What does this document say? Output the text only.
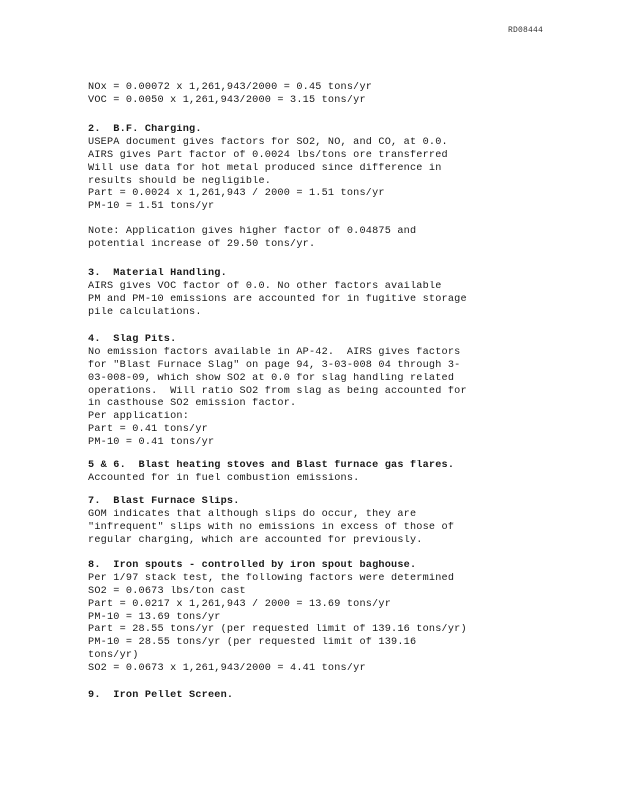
RD08444
NOx = 0.00072 x 1,261,943/2000 = 0.45 tons/yr
VOC = 0.0050 x 1,261,943/2000 = 3.15 tons/yr
2.  B.F. Charging.
USEPA document gives factors for SO2, NO, and CO, at 0.0.
AIRS gives Part factor of 0.0024 lbs/tons ore transferred
Will use data for hot metal produced since difference in
results should be negligible.
Part = 0.0024 x 1,261,943 / 2000 = 1.51 tons/yr
PM-10 = 1.51 tons/yr
Note: Application gives higher factor of 0.04875 and
potential increase of 29.50 tons/yr.
3.  Material Handling.
AIRS gives VOC factor of 0.0. No other factors available
PM and PM-10 emissions are accounted for in fugitive storage
pile calculations.
4.  Slag Pits.
No emission factors available in AP-42.  AIRS gives factors
for "Blast Furnace Slag" on page 94, 3-03-008 04 through 3-
03-008-09, which show SO2 at 0.0 for slag handling related
operations.  Will ratio SO2 from slag as being accounted for
in casthouse SO2 emission factor.
Per application:
Part = 0.41 tons/yr
PM-10 = 0.41 tons/yr
5 & 6.  Blast heating stoves and Blast furnace gas flares.
Accounted for in fuel combustion emissions.
7.  Blast Furnace Slips.
GOM indicates that although slips do occur, they are
"infrequent" slips with no emissions in excess of those of
regular charging, which are accounted for previously.
8.  Iron spouts - controlled by iron spout baghouse.
Per 1/97 stack test, the following factors were determined
SO2 = 0.0673 lbs/ton cast
Part = 0.0217 x 1,261,943 / 2000 = 13.69 tons/yr
PM-10 = 13.69 tons/yr
Part = 28.55 tons/yr (per requested limit of 139.16 tons/yr)
PM-10 = 28.55 tons/yr (per requested limit of 139.16
tons/yr)
SO2 = 0.0673 x 1,261,943/2000 = 4.41 tons/yr
9.  Iron Pellet Screen.
